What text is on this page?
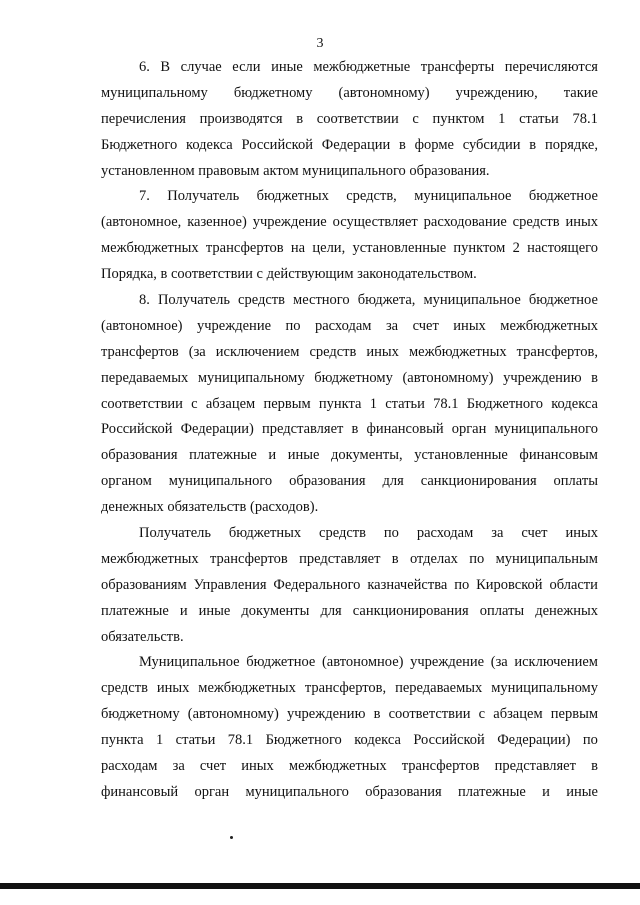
3
6. В случае если иные межбюджетные трансферты перечисляются
муниципальному бюджетному (автономному) учреждению, такие
перечисления производятся в соответствии с пунктом 1 статьи 78.1
Бюджетного кодекса Российской Федерации в форме субсидии в порядке,
установленном правовым актом муниципального образования.
7. Получатель бюджетных средств, муниципальное бюджетное
(автономное, казенное) учреждение осуществляет расходование средств иных
межбюджетных трансфертов на цели, установленные пунктом 2 настоящего
Порядка, в соответствии с действующим законодательством.
8. Получатель средств местного бюджета, муниципальное бюджетное
(автономное) учреждение по расходам за счет иных межбюджетных
трансфертов (за исключением средств иных межбюджетных трансфертов,
передаваемых муниципальному бюджетному (автономному) учреждению в
соответствии с абзацем первым пункта 1 статьи 78.1 Бюджетного кодекса
Российской Федерации) представляет в финансовый орган муниципального
образования платежные и иные документы, установленные финансовым
органом муниципального образования для санкционирования оплаты
денежных обязательств (расходов).
Получатель бюджетных средств по расходам за счет иных
межбюджетных трансфертов представляет в отделах по муниципальным
образованиям Управления Федерального казначейства по Кировской области
платежные и иные документы для санкционирования оплаты денежных
обязательств.
Муниципальное бюджетное (автономное) учреждение (за исключением
средств иных межбюджетных трансфертов, передаваемых муниципальному
бюджетному (автономному) учреждению в соответствии с абзацем первым
пункта 1 статьи 78.1 Бюджетного кодекса Российской Федерации) по
расходам за счет иных межбюджетных трансфертов представляет в
финансовый орган муниципального образования платежные и иные
